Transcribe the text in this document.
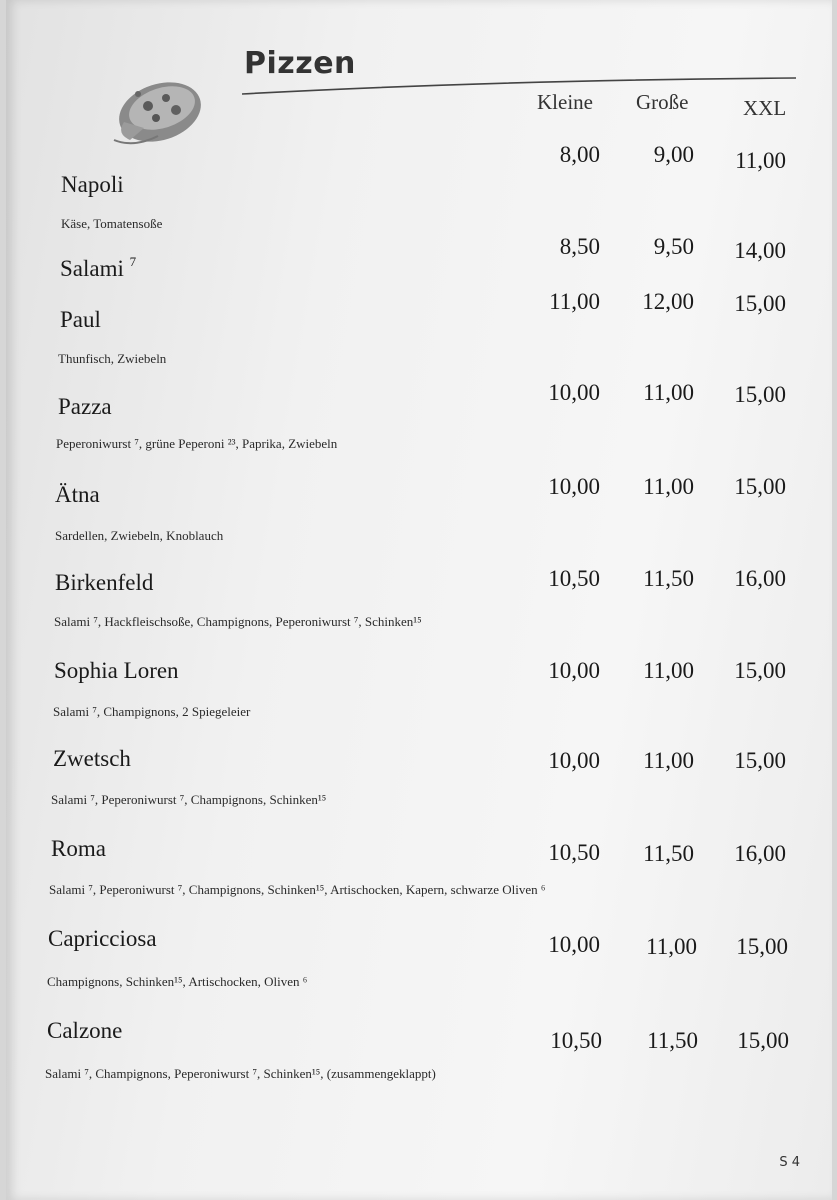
Pizzen
Kleine Große	XXL
Napoli
Käse, Tomatensoße
8,00	9,00	11,00
Salami $^7$
8,50	9,50	14,00
Paul
Thunfisch, Zwiebeln
11,00	12,00	15,00
Pazza
Peperoniwurst ⁷, grüne Peperoni ²³, Paprika, Zwiebeln
10,00	11,00	15,00
Ätna
Sardellen, Zwiebeln, Knoblauch
10,00	11,00	15,00
Birkenfeld
Salami ⁷, Hackfleischsoße, Champignons, Peperoniwurst ⁷, Schinken¹⁵
10,50	11,50	16,00
Sophia Loren
Salami ⁷, Champignons, 2 Spiegeleier
10,00	11,00	15,00
Zwetsch
Salami ⁷, Peperoniwurst ⁷, Champignons, Schinken¹⁵
10,00	11,00	15,00
Roma
Salami ⁷, Peperoniwurst ⁷, Champignons, Schinken¹⁵, Artischocken, Kapern, schwarze Oliven ⁶
10,50	11,50	16,00
Capricciosa
Champignons, Schinken¹⁵, Artischocken, Oliven ⁶
10,00	11,00	15,00
Calzone
Salami ⁷, Champignons, Peperoniwurst ⁷, Schinken¹⁵, (zusammengeklappt)
10,50	11,50	15,00
S 4
